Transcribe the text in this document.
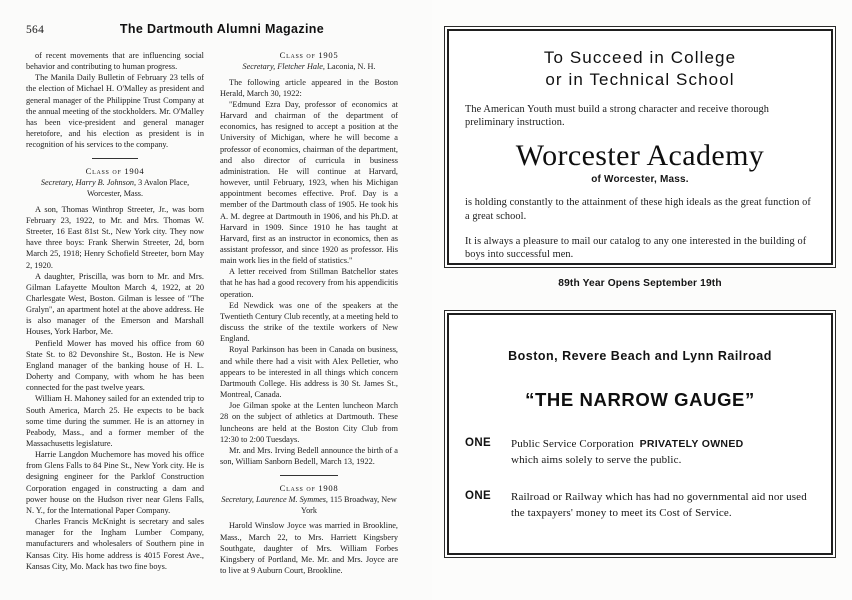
564	The Dartmouth Alumni Magazine

of recent movements that are influencing social behavior and contributing to human progress.

The Manila Daily Bulletin of February 23 tells of the election of Michael H. O'Malley as president and general manager of the Philippine Trust Company at the annual meeting of the stockholders. Mr. O'Malley has been vice-president and general manager heretofore, and his election as president is in recognition of his services to the company.

Class of 1904
Secretary, Harry B. Johnson, 3 Avalon Place, Worcester, Mass.

A son, Thomas Winthrop Streeter, Jr., was born February 23, 1922, to Mr. and Mrs. Thomas W. Streeter, 16 East 81st St., New York city. They now have three boys: Frank Sherwin Streeter, 2d, born March 25, 1918; Henry Schofield Streeter, born May 2, 1920.

A daughter, Priscilla, was born to Mr. and Mrs. Gilman Lafayette Moulton March 4, 1922, at 20 Charlesgate West, Boston. Gilman is lessee of "The Gralyn", an apartment hotel at the above address. He is also manager of the Emerson and Marshall Houses, York Harbor, Me.

Penfield Mower has moved his office from 60 State St. to 82 Devonshire St., Boston. He is New England manager of the banking house of H. L. Doherty and Company, with whom he has been connected for the past twelve years.

William H. Mahoney sailed for an extended trip to South America, March 25. He expects to be back some time during the summer. He is an attorney in Peabody, Mass., and a former member of the Massachusetts legislature.

Harrie Langdon Muchemore has moved his office from Glens Falls to 84 Pine St., New York city. He is designing engineer for the Parklof Construction Corporation engaged in constructing a dam and power house on the Hudson river near Glens Falls, N. Y., for the International Paper Company.

Charles Francis McKnight is secretary and sales manager for the Ingham Lumber Company, manufacturers and wholesalers of Southern pine in Kansas City. His home address is 4015 Forest Ave., Kansas City, Mo. Mack has two fine boys.

Class of 1905
Secretary, Fletcher Hale, Laconia, N. H.

The following article appeared in the Boston Herald, March 30, 1922:

"Edmund Ezra Day, professor of economics at Harvard and chairman of the department of economics, has resigned to accept a position at the University of Michigan, where he will become a professor of economics, chairman of the department, and also director of curricula in business administration. He will continue at Harvard, however, until February, 1923, when his Michigan appointment becomes effective. Prof. Day is a member of the Dartmouth class of 1905. He took his A. M. degree at Dartmouth in 1906, and his Ph.D. at Harvard in 1909. Since 1910 he has taught at Harvard, first as an instructor in economics, then as assistant professor, and since 1920 as professor. His main work lies in the field of statistics."

A letter received from Stillman Batchellor states that he has had a good recovery from his appendicitis operation.

Ed Newdick was one of the speakers at the Twentieth Century Club recently, at a meeting held to discuss the strike of the textile workers of New England.

Royal Parkinson has been in Canada on business, and while there had a visit with Alex Pelletier, who appears to be interested in all things which concern Dartmouth College. His address is 30 St. James St., Montreal, Canada.

Joe Gilman spoke at the Lenten luncheon March 28 on the subject of athletics at Dartmouth. These luncheons are held at the Boston City Club from 12:30 to 2:00 Tuesdays.

Mr. and Mrs. Irving Bedell announce the birth of a son, William Sanborn Bedell, March 13, 1922.

Class of 1908
Secretary, Laurence M. Symmes, 115 Broadway, New York

Harold Winslow Joyce was married in Brookline, Mass., March 22, to Mrs. Harriett Kingsbery Southgate, daughter of Mrs. William Forbes Kingsbery of Portland, Me. Mr. and Mrs. Joyce are to live at 9 Auburn Court, Brookline.

To Succeed in College
or in Technical School

The American Youth must build a strong character and receive thorough preliminary instruction.

Worcester Academy
of Worcester, Mass.

is holding constantly to the attainment of these high ideals as the great function of a great school.

It is always a pleasure to mail our catalog to any one interested in the building of boys into successful men.

89th Year Opens September 19th
Boston, Revere Beach and Lynn Railroad
“THE NARROW GAUGE”
ONE	Public Service Corporation PRIVATELY OWNED
which aims solely to serve the public.
ONE	Railroad or Railway which has had no governmental aid nor used the taxpayers' money to meet its Cost of Service.
